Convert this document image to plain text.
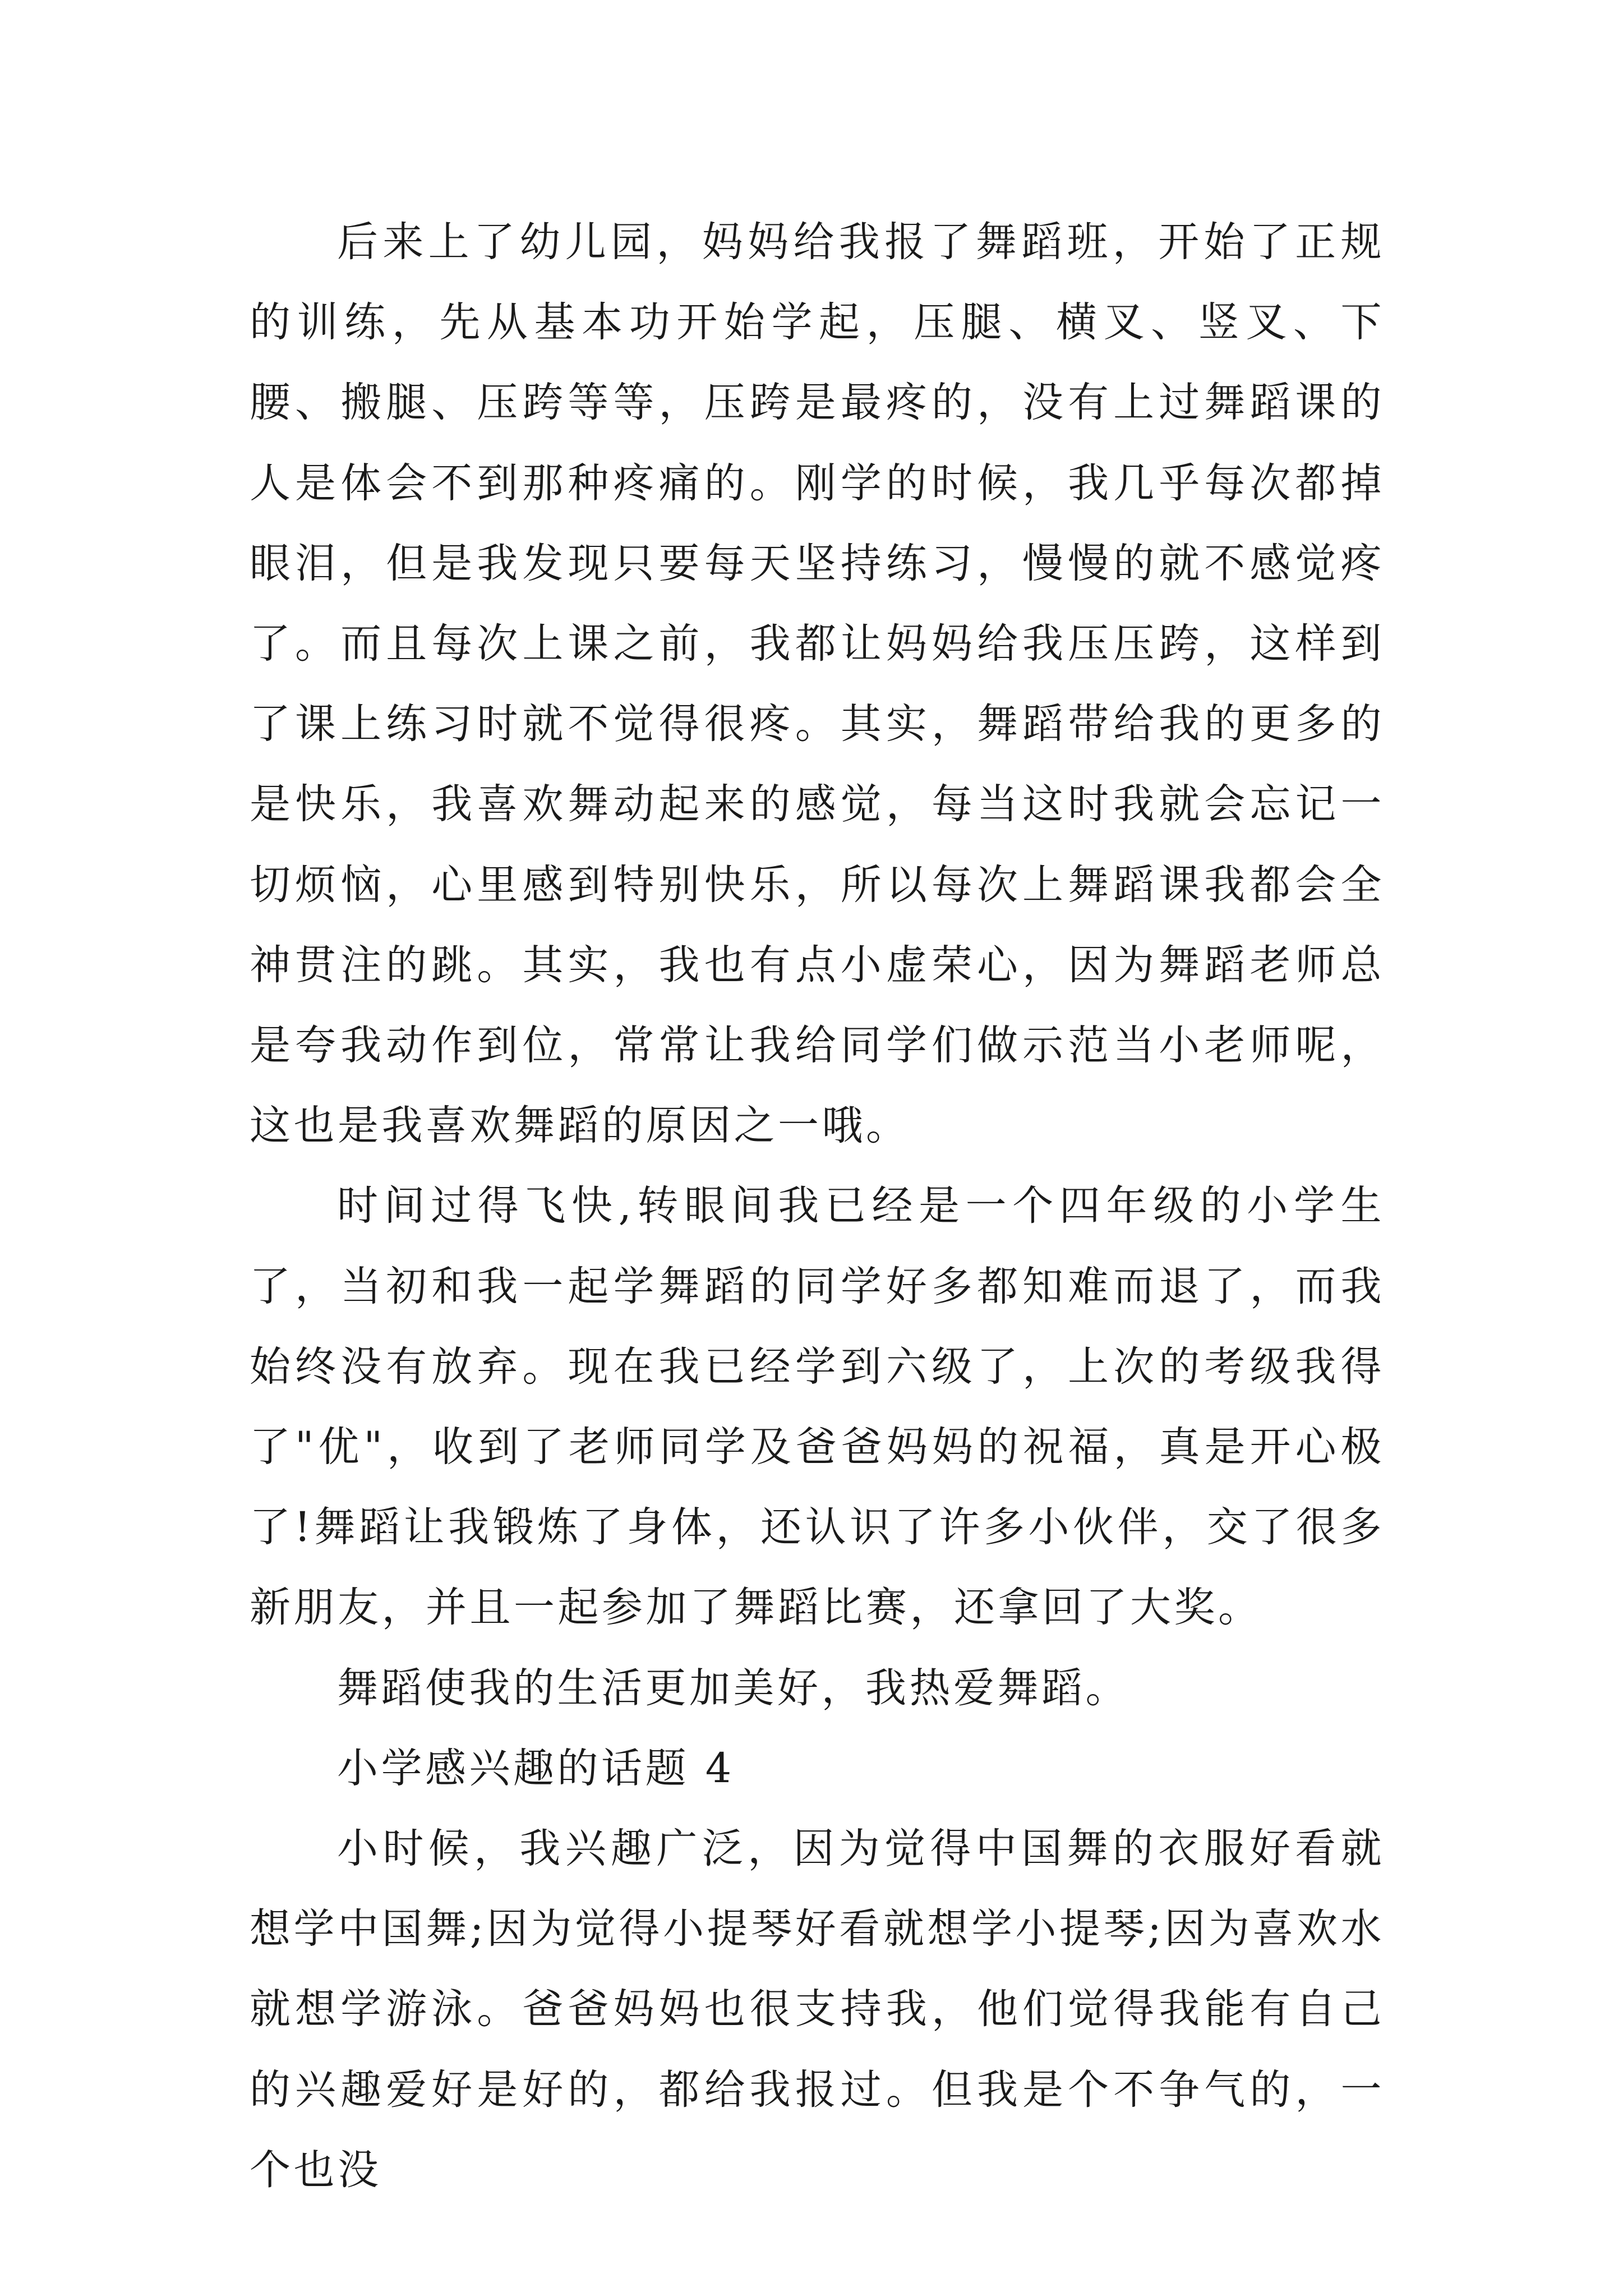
后来上了幼儿园，妈妈给我报了舞蹈班，开始了正规的训练，先从基本功开始学起，压腿、横叉、竖叉、下腰、搬腿、压跨等等，压跨是最疼的，没有上过舞蹈课的人是体会不到那种疼痛的。刚学的时候，我几乎每次都掉眼泪，但是我发现只要每天坚持练习，慢慢的就不感觉疼了。而且每次上课之前，我都让妈妈给我压压跨，这样到了课上练习时就不觉得很疼。其实，舞蹈带给我的更多的是快乐，我喜欢舞动起来的感觉，每当这时我就会忘记一切烦恼，心里感到特别快乐，所以每次上舞蹈课我都会全神贯注的跳。其实，我也有点小虚荣心，因为舞蹈老师总是夸我动作到位，常常让我给同学们做示范当小老师呢，这也是我喜欢舞蹈的原因之一哦。

时间过得飞快,转眼间我已经是一个四年级的小学生了，当初和我一起学舞蹈的同学好多都知难而退了，而我始终没有放弃。现在我已经学到六级了，上次的考级我得了"优"，收到了老师同学及爸爸妈妈的祝福，真是开心极了!舞蹈让我锻炼了身体，还认识了许多小伙伴，交了很多新朋友，并且一起参加了舞蹈比赛，还拿回了大奖。

舞蹈使我的生活更加美好，我热爱舞蹈。

小学感兴趣的话题 4

小时候，我兴趣广泛，因为觉得中国舞的衣服好看就想学中国舞;因为觉得小提琴好看就想学小提琴;因为喜欢水就想学游泳。爸爸妈妈也很支持我，他们觉得我能有自己的兴趣爱好是好的，都给我报过。但我是个不争气的，一个也没
